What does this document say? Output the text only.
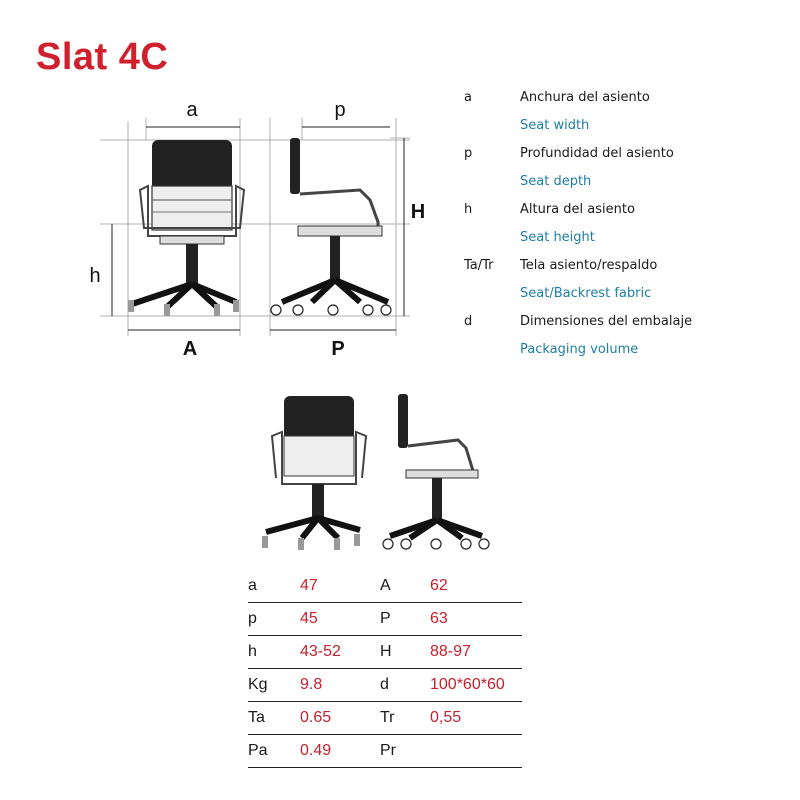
Slat 4C
a	p
h
H
A	P
a	Anchura del asiento
Seat width
p	Profundidad del asiento
Seat depth
h	Altura del asiento
Seat height
Ta/Tr Tela asiento/respaldo
Seat/Backrest fabric
d	Dimensiones del embalaje
Packaging volume
a	47	A	62
p	45	P	63
h	43-52	H	88-97
Kg	9.8	d	100*60*60
Ta	0.65	Tr	0,55
Pa	0.49	Pr	
